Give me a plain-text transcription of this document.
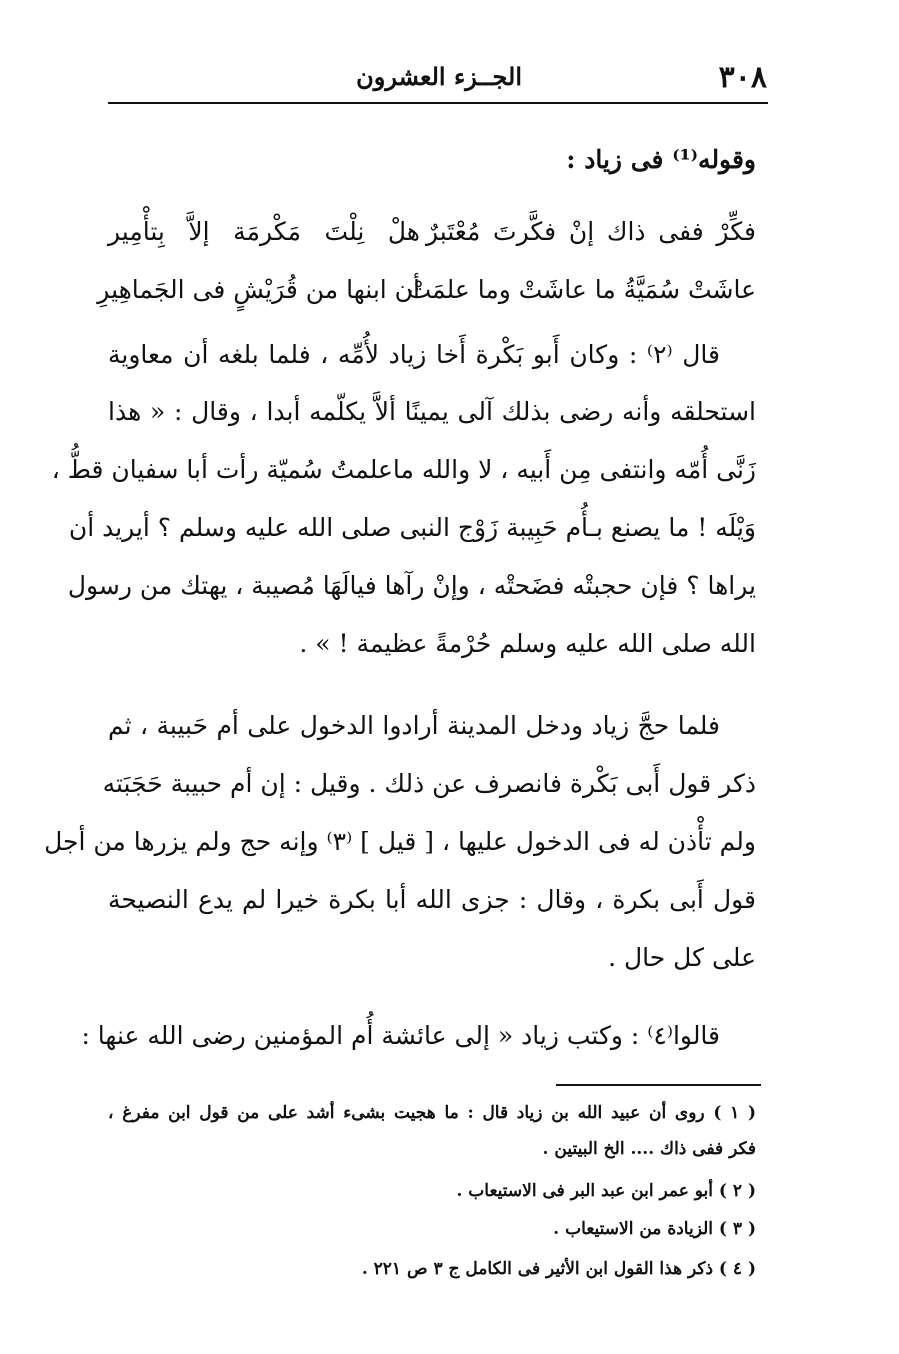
٣٠٨
الجــزء العشرون
وقوله⁽¹⁾ فى زياد :
فكِّرْ ففى ذاك إنْ فكَّرتَ مُعْتَبرٌ
هلْ نِلْتَ مَكْرمَة إلاَّ بِتأْمِير
عاشَتْ سُمَيَّةُ ما عاشَتْ وما علمَتْ
أن ابنها من قُرَيْشٍ فى الجَماهِيرِ
قال ⁽٢⁾ : وكان أَبو بَكْرة أَخا زياد لأُمِّه ، فلما بلغه أن معاوية
استحلقه وأنه رضى بذلك آلى يمينًا ألاَّ يكلّمه أبدا ، وقال : « هذا
زَنَّى أُمّه وانتفى مِن أَبيه ، لا والله ماعلمتُ سُميّة رأت أبا سفيان قطُّ ،
وَيْلَه ! ما يصنع بـأُم حَبِيبة زَوْج النبى صلى الله عليه وسلم ؟ أيريد أن
يراها ؟ فإن حجبتْه فضَحتْه ، وإنْ رآها فيالَهَا مُصيبة ، يهتك من رسول
الله صلى الله عليه وسلم حُرْمةً عظيمة ! » .
فلما حجَّ زياد ودخل المدينة أرادوا الدخول على أم حَبيبة ، ثم
ذكر قول أَبى بَكْرة فانصرف عن ذلك . وقيل : إن أم حبيبة حَجَبَته
ولم تأْذن له فى الدخول عليها ، [ قيل ] ⁽٣⁾ وإنه حج ولم يزرها من أجل
قول أَبى بكرة ، وقال : جزى الله أبا بكرة خيرا لم يدع النصيحة
على كل حال .
قالوا⁽٤⁾ : وكتب زياد « إلى عائشة أُم المؤمنين رضى الله عنها :
( ١ ) روى أن عبيد الله بن زياد قال : ما هجيت بشىء أشد على من قول ابن مفرغ ،
فكر ففى ذاك .... الخ البيتين .
( ٢ ) أبو عمر ابن عبد البر فى الاستيعاب .
( ٣ ) الزيادة من الاستيعاب .
( ٤ ) ذكر هذا القول ابن الأثير فى الكامل ج ٣ ص ٢٢١ .
